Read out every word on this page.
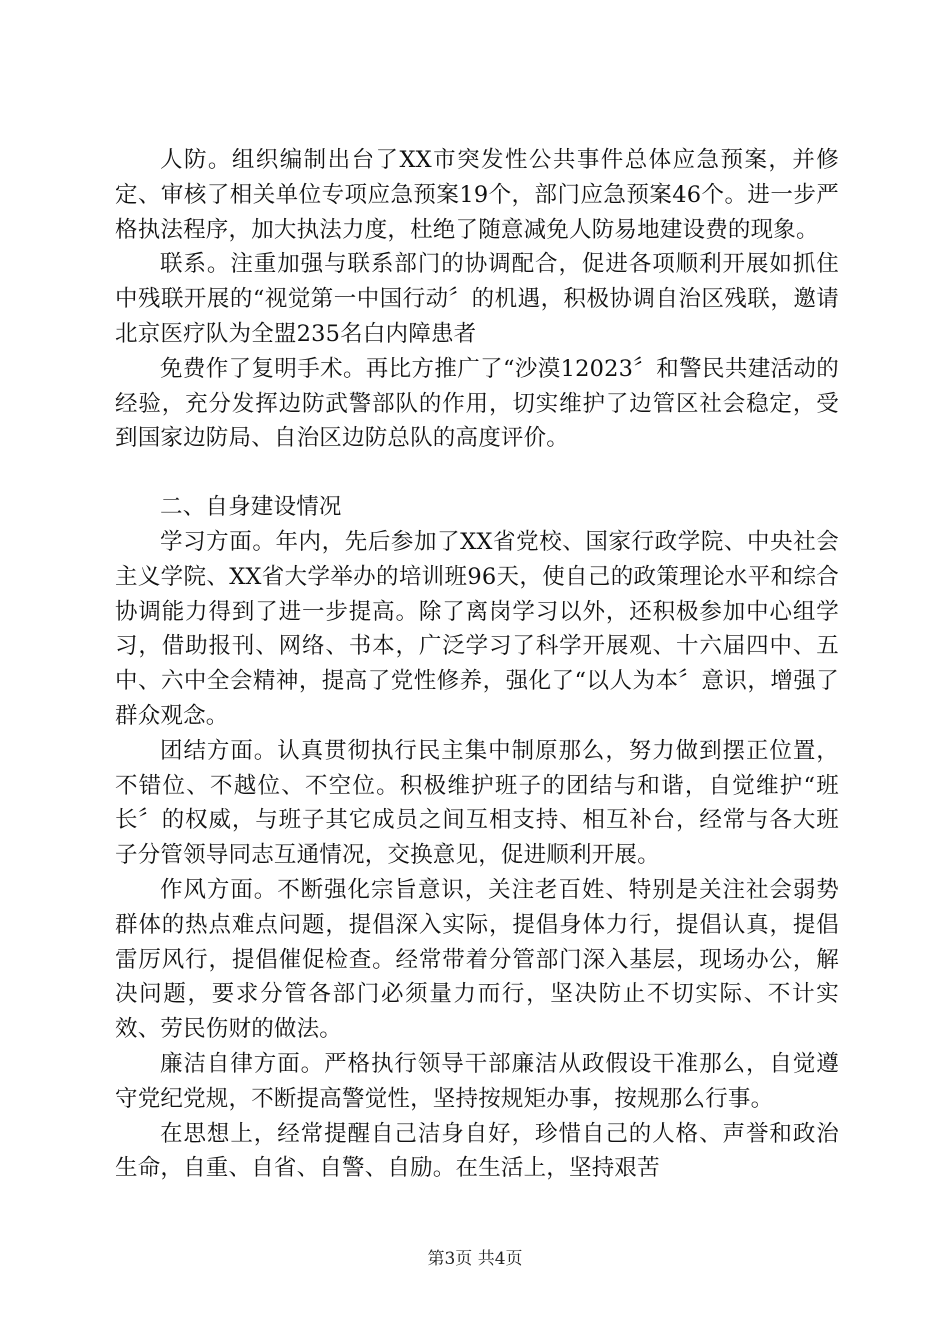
人防。组织编制出台了XX市突发性公共事件总体应急预案，并修定、审核了相关单位专项应急预案19个，部门应急预案46个。进一步严格执法程序，加大执法力度，杜绝了随意减免人防易地建设费的现象。

联系。注重加强与联系部门的协调配合，促进各项顺利开展如抓住中残联开展的“视觉第一中国行动〞的机遇，积极协调自治区残联，邀请北京医疗队为全盟235名白内障患者

免费作了复明手术。再比方推广了“沙漠12023〞和警民共建活动的经验，充分发挥边防武警部队的作用，切实维护了边管区社会稳定，受到国家边防局、自治区边防总队的高度评价。

二、自身建设情况

学习方面。年内，先后参加了XX省党校、国家行政学院、中央社会主义学院、XX省大学举办的培训班96天，使自己的政策理论水平和综合协调能力得到了进一步提高。除了离岗学习以外，还积极参加中心组学习，借助报刊、网络、书本，广泛学习了科学开展观、十六届四中、五中、六中全会精神，提高了党性修养，强化了“以人为本〞意识，增强了群众观念。

团结方面。认真贯彻执行民主集中制原那么，努力做到摆正位置，不错位、不越位、不空位。积极维护班子的团结与和谐，自觉维护“班长〞的权威，与班子其它成员之间互相支持、相互补台，经常与各大班子分管领导同志互通情况，交换意见，促进顺利开展。

作风方面。不断强化宗旨意识，关注老百姓、特别是关注社会弱势群体的热点难点问题，提倡深入实际，提倡身体力行，提倡认真，提倡雷厉风行，提倡催促检查。经常带着分管部门深入基层，现场办公，解决问题，要求分管各部门必须量力而行，坚决防止不切实际、不计实效、劳民伤财的做法。

廉洁自律方面。严格执行领导干部廉洁从政假设干准那么，自觉遵守党纪党规，不断提高警觉性，坚持按规矩办事，按规那么行事。

在思想上，经常提醒自己洁身自好，珍惜自己的人格、声誉和政治生命，自重、自省、自警、自励。在生活上，坚持艰苦

第3页 共4页
